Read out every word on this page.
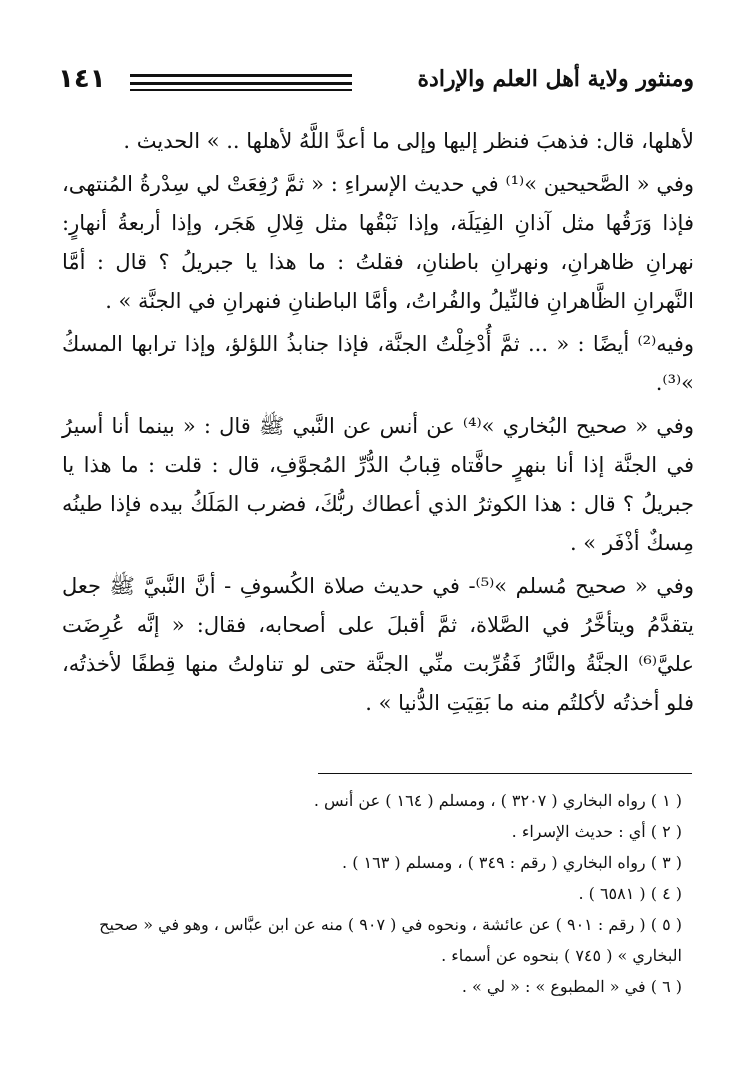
١٤١	ومنثور ولاية أهل العلم والإرادة

لأهلها، قال: فذهبَ فنظر إليها وإلى ما أعدَّ اللَّهُ لأهلها .. » الحديث .

وفي « الصَّحيحين »⁽¹⁾ في حديث الإسراءِ : « ثمَّ رُفِعَتْ لي سِدْرةُ المُنتهى، فإذا وَرَقُها مثل آذانِ الفِيَلَة، وإذا نَبْقُها مثل قِلالِ هَجَر، وإذا أربعةُ أنهارٍ: نهرانِ ظاهرانِ، ونهرانِ باطنانِ، فقلتُ : ما هذا يا جبريلُ ؟ قال : أمَّا النَّهرانِ الظَّاهرانِ فالنِّيلُ والفُراتُ، وأمَّا الباطنانِ فنهرانِ في الجنَّة » .

وفيه⁽²⁾ أيضًا : « ... ثمَّ أُدْخِلْتُ الجنَّة، فإذا جنابذُ اللؤلؤ، وإذا ترابها المسكُ »⁽³⁾.

وفي « صحيح البُخاري »⁽⁴⁾ عن أنس عن النَّبي ﷺ قال : « بينما أنا أسيرُ في الجنَّة إذا أنا بنهرٍ حافَّتاه قِبابُ الدُّرِّ المُجوَّفِ، قال : قلت : ما هذا يا جبريلُ ؟ قال : هذا الكوثرُ الذي أعطاك ربُّكَ، فضرب المَلَكُ بيده فإذا طينُه مِسكٌ أذْفَر » .

وفي « صحيح مُسلم »⁽⁵⁾- في حديث صلاة الكُسوفِ - أنَّ النَّبيَّ ﷺ جعل يتقدَّمُ ويتأخَّرُ في الصَّلاة، ثمَّ أقبلَ على أصحابه، فقال: « إنَّه عُرِضَت عليَّ⁽⁶⁾ الجنَّةُ والنَّارُ فَقُرِّبت منِّي الجنَّة حتى لو تناولتُ منها قِطفًا لأخذتُه، فلو أخذتُه لأكلتُم منه ما بَقِيَتِ الدُّنيا » .

( ١ ) رواه البخاري ( ٣٢٠٧ ) ، ومسلم ( ١٦٤ ) عن أنس .

( ٢ ) أي : حديث الإسراء .

( ٣ ) رواه البخاري ( رقم : ٣٤٩ ) ، ومسلم ( ١٦٣ ) .

( ٤ ) ( ٦٥٨١ ) .

( ٥ ) ( رقم : ٩٠١ ) عن عائشة ، ونحوه في ( ٩٠٧ ) منه عن ابن عبَّاس ، وهو في « صحيح البخاري » ( ٧٤٥ ) بنحوه عن أسماء .

( ٦ ) في « المطبوع » : « لي » .
